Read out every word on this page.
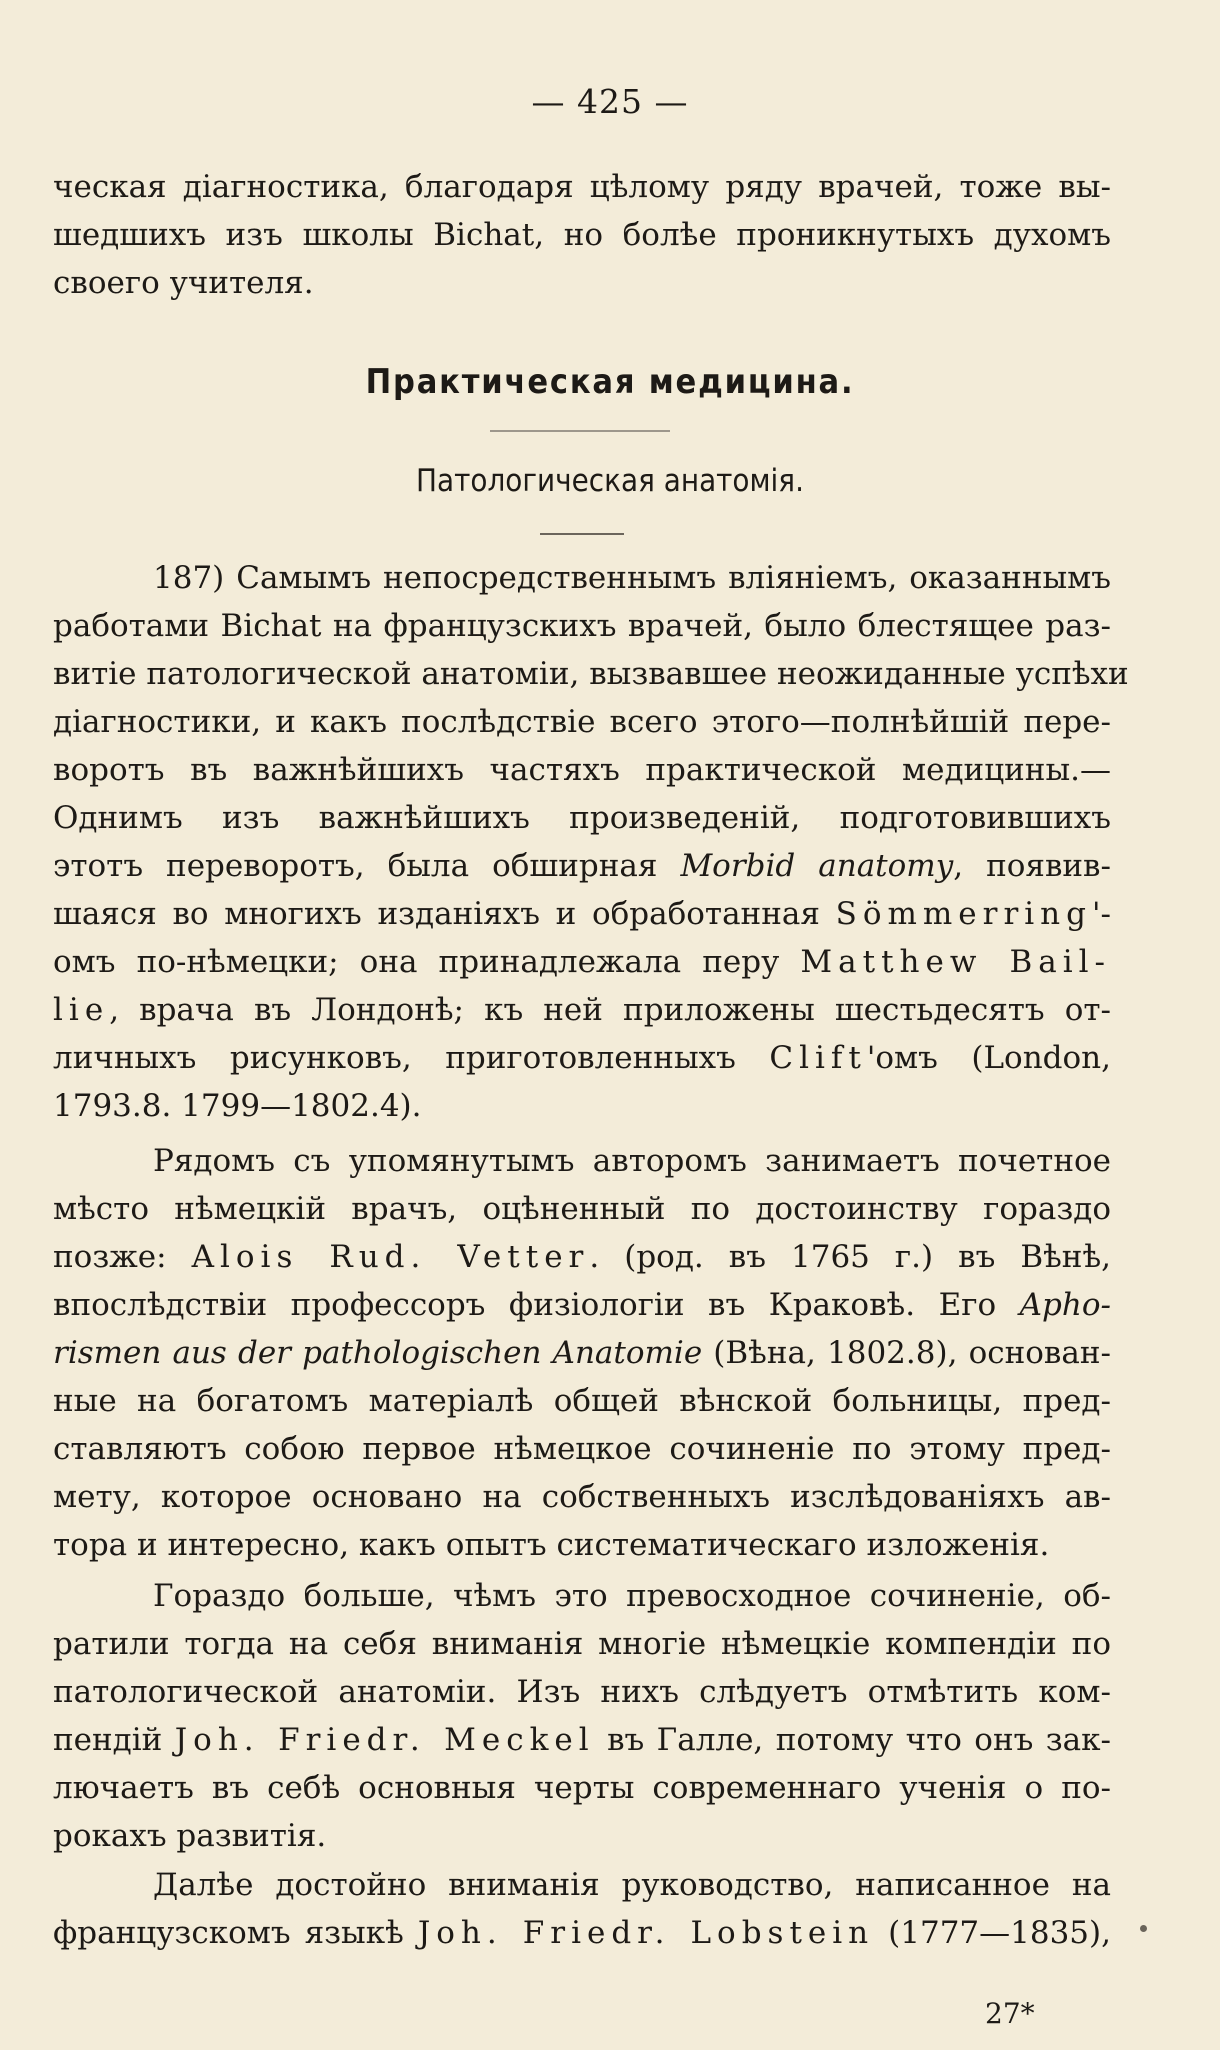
— 425 —
ческая діагностика, благодаря цѣлому ряду врачей, тоже вы-
шедшихъ изъ школы Bichat, но болѣе проникнутыхъ духомъ
своего учителя.
Практическая медицина.
Патологическая анатомія.
187) Самымъ непосредственнымъ вліяніемъ, оказаннымъ
работами Bichat на французскихъ врачей, было блестящее раз-
витіе патологической анатоміи, вызвавшее неожиданные успѣхи
діагностики, и какъ послѣдствіе всего этого—полнѣйшій пере-
воротъ въ важнѣйшихъ частяхъ практической медицины.—
Однимъ изъ важнѣйшихъ произведеній, подготовившихъ
этотъ переворотъ, была обширная Morbid anatomy, появив-
шаяся во многихъ изданіяхъ и обработанная Sömmerring'-
омъ по-нѣмецки; она принадлежала перу Matthew Bail-
lie, врача въ Лондонѣ; къ ней приложены шестьдесятъ от-
личныхъ рисунковъ, приготовленныхъ Clift'омъ (London,
1793.8. 1799—1802.4).
Рядомъ съ упомянутымъ авторомъ занимаетъ почетное
мѣсто нѣмецкій врачъ, оцѣненный по достоинству гораздо
позже: Alois Rud. Vetter. (род. въ 1765 г.) въ Вѣнѣ,
впослѣдствіи профессоръ физіологіи въ Краковѣ. Его Apho-
rismen aus der pathologischen Anatomie (Вѣна, 1802.8), основан-
ные на богатомъ матеріалѣ общей вѣнской больницы, пред-
ставляютъ собою первое нѣмецкое сочиненіе по этому пред-
мету, которое основано на собственныхъ изслѣдованіяхъ ав-
тора и интересно, какъ опытъ систематическаго изложенія.
Гораздо больше, чѣмъ это превосходное сочиненіе, об-
ратили тогда на себя вниманія многіе нѣмецкіе компендіи по
патологической анатоміи. Изъ нихъ слѣдуетъ отмѣтить ком-
пендій Joh. Friedr. Meckel въ Галле, потому что онъ зак-
лючаетъ въ себѣ основныя черты современнаго ученія о по-
рокахъ развитія.
Далѣе достойно вниманія руководство, написанное на
французскомъ языкѣ Joh. Friedr. Lobstein (1777—1835),
27*
